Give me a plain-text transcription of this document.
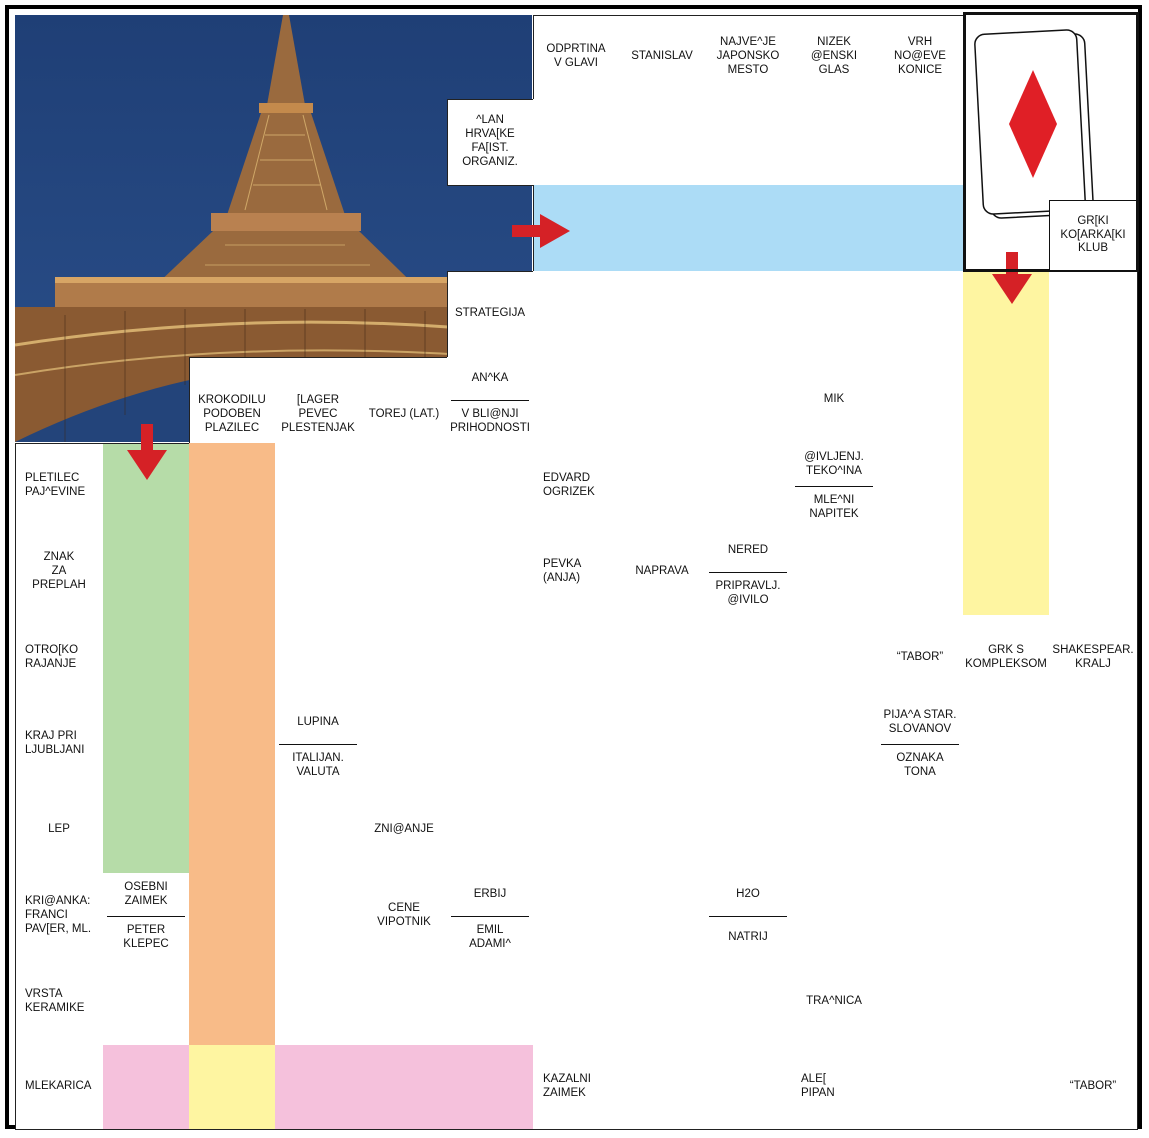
ODPRTINA
V GLAVI
STANISLAV
NAJVE^JE
JAPONSKO
MESTO
NIZEK
@ENSKI
GLAS
VRH
NO@EVE
KONICE
^LAN
HRVA[KE
FA[IST.
ORGANIZ.
STRATEGIJA
AN^KA
V BLI@NJI
PRIHODNOSTI
MIK
KROKODILU
PODOBEN
PLAZILEC
[LAGER
PEVEC
PLESTENJAK
TOREJ (LAT.)
PLETILEC
PAJ^EVINE
EDVARD
OGRIZEK
@IVLJENJ.
TEKO^INA
MLE^NI
NAPITEK
ZNAK
ZA
PREPLAH
PEVKA
(ANJA)
NAPRAVA
NERED
PRIPRAVLJ.
@IVILO
OTRO[KO
RAJANJE
“TABOR”
GRK S
KOMPLEKSOM
SHAKESPEAR.
KRALJ
KRAJ PRI
LJUBLJANI
LUPINA
ITALIJAN.
VALUTA
PIJA^A STAR.
SLOVANOV
OZNAKA
TONA
LEP	ZNI@ANJE
KRI@ANKA:
FRANCI
PAV[ER, ML.
OSEBNI
ZAIMEK
PETER
KLEPEC
CENE
VIPOTNIK
ERBIJ
EMIL
ADAMI^
H2O
NATRIJ
VRSTA
KERAMIKE
TRA^NICA
MLEKARICA
KAZALNI
ZAIMEK
ALE[
PIPAN
“TABOR”
GR[KI
KO[ARKA[KI
KLUB
